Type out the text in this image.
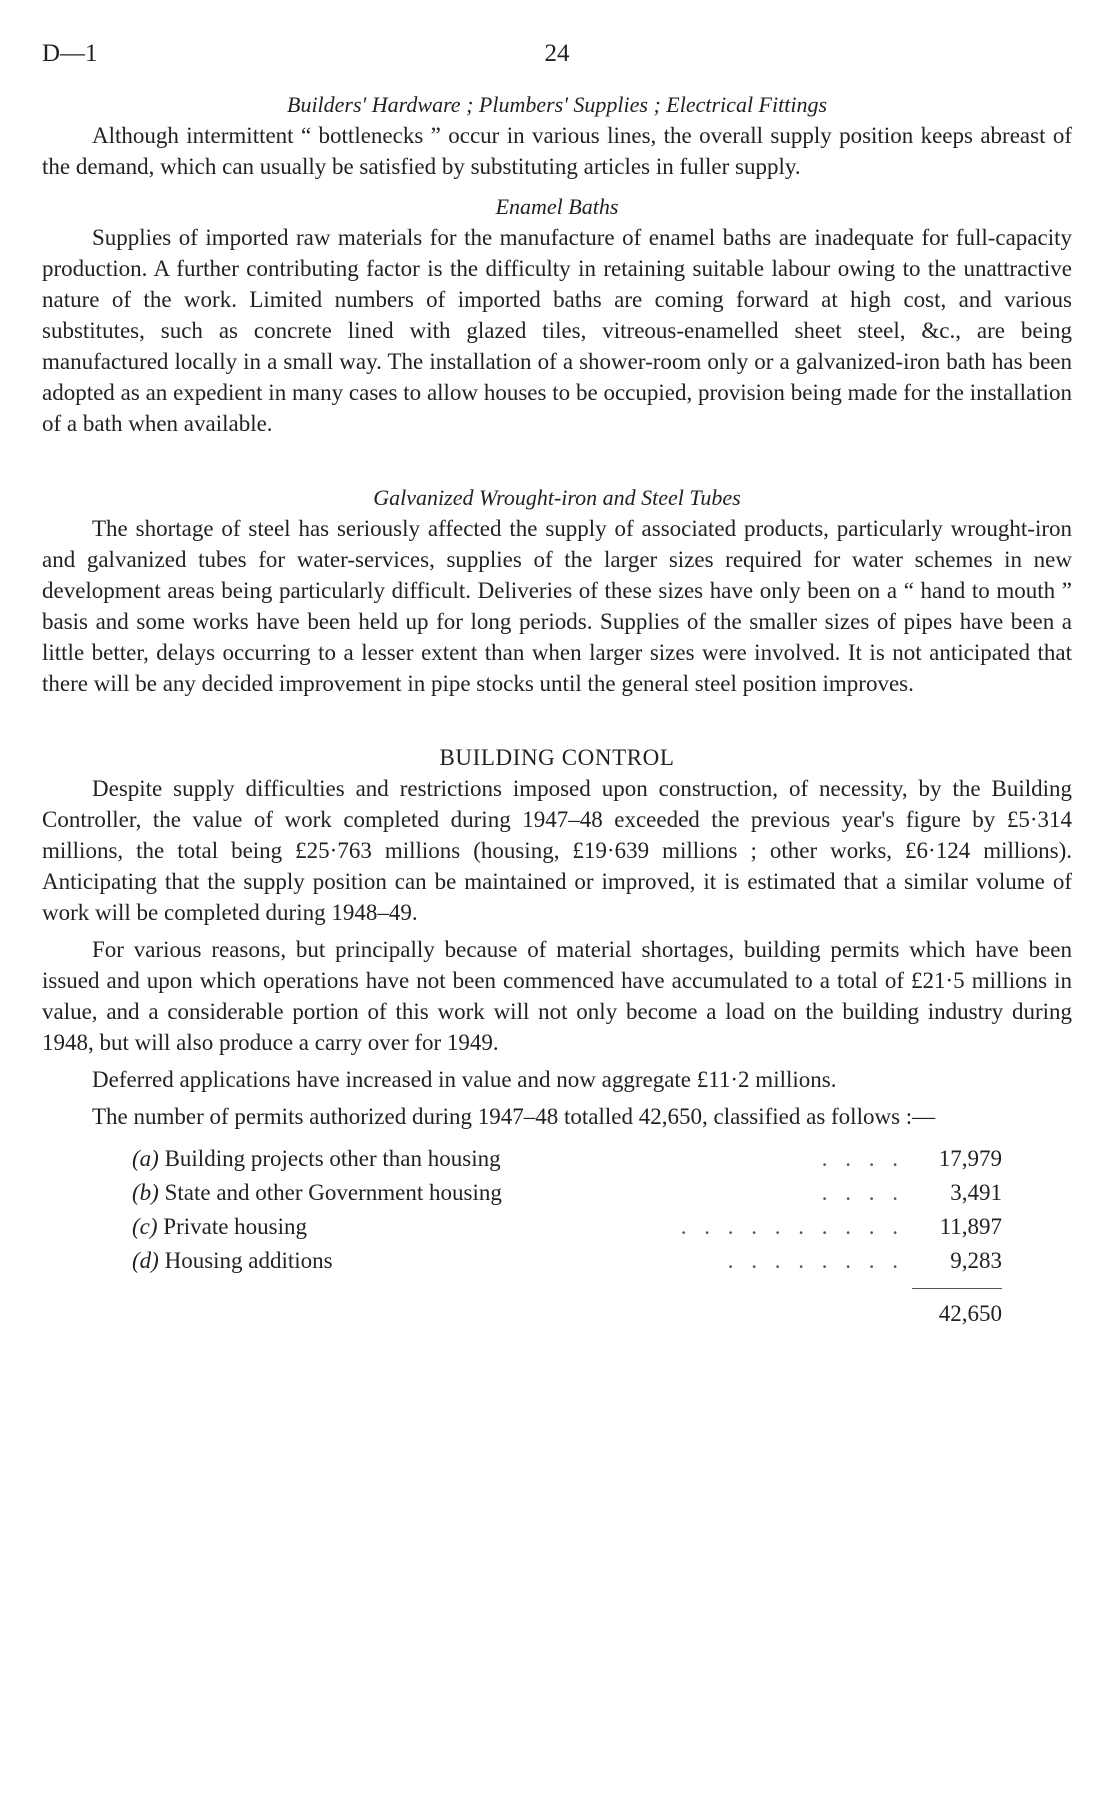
D—1	24

Builders' Hardware ; Plumbers' Supplies ; Electrical Fittings

Although intermittent “ bottlenecks ” occur in various lines, the overall supply position keeps abreast of the demand, which can usually be satisfied by substituting articles in fuller supply.

Enamel Baths

Supplies of imported raw materials for the manufacture of enamel baths are inadequate for full-capacity production. A further contributing factor is the difficulty in retaining suitable labour owing to the unattractive nature of the work. Limited numbers of imported baths are coming forward at high cost, and various substitutes, such as concrete lined with glazed tiles, vitreous-enamelled sheet steel, &c., are being manufactured locally in a small way. The installation of a shower-room only or a galvanized-iron bath has been adopted as an expedient in many cases to allow houses to be occupied, provision being made for the installation of a bath when available.

Galvanized Wrought-iron and Steel Tubes

The shortage of steel has seriously affected the supply of associated products, particularly wrought-iron and galvanized tubes for water-services, supplies of the larger sizes required for water schemes in new development areas being particularly difficult. Deliveries of these sizes have only been on a “ hand to mouth ” basis and some works have been held up for long periods. Supplies of the smaller sizes of pipes have been a little better, delays occurring to a lesser extent than when larger sizes were involved. It is not anticipated that there will be any decided improvement in pipe stocks until the general steel position improves.

BUILDING CONTROL

Despite supply difficulties and restrictions imposed upon construction, of necessity, by the Building Controller, the value of work completed during 1947–48 exceeded the previous year's figure by £5·314 millions, the total being £25·763 millions (housing, £19·639 millions ; other works, £6·124 millions). Anticipating that the supply position can be maintained or improved, it is estimated that a similar volume of work will be completed during 1948–49.

For various reasons, but principally because of material shortages, building permits which have been issued and upon which operations have not been commenced have accumulated to a total of £21·5 millions in value, and a considerable portion of this work will not only become a load on the building industry during 1948, but will also produce a carry over for 1949.

Deferred applications have increased in value and now aggregate £11·2 millions.

The number of permits authorized during 1947–48 totalled 42,650, classified as follows :—

(a) Building projects other than housing	. . . .	17,979
(b) State and other Government housing	. . . .	3,491
(c) Private housing	. . . . . . . . . .	11,897
(d) Housing additions	. . . . . . . .	9,283
42,650
